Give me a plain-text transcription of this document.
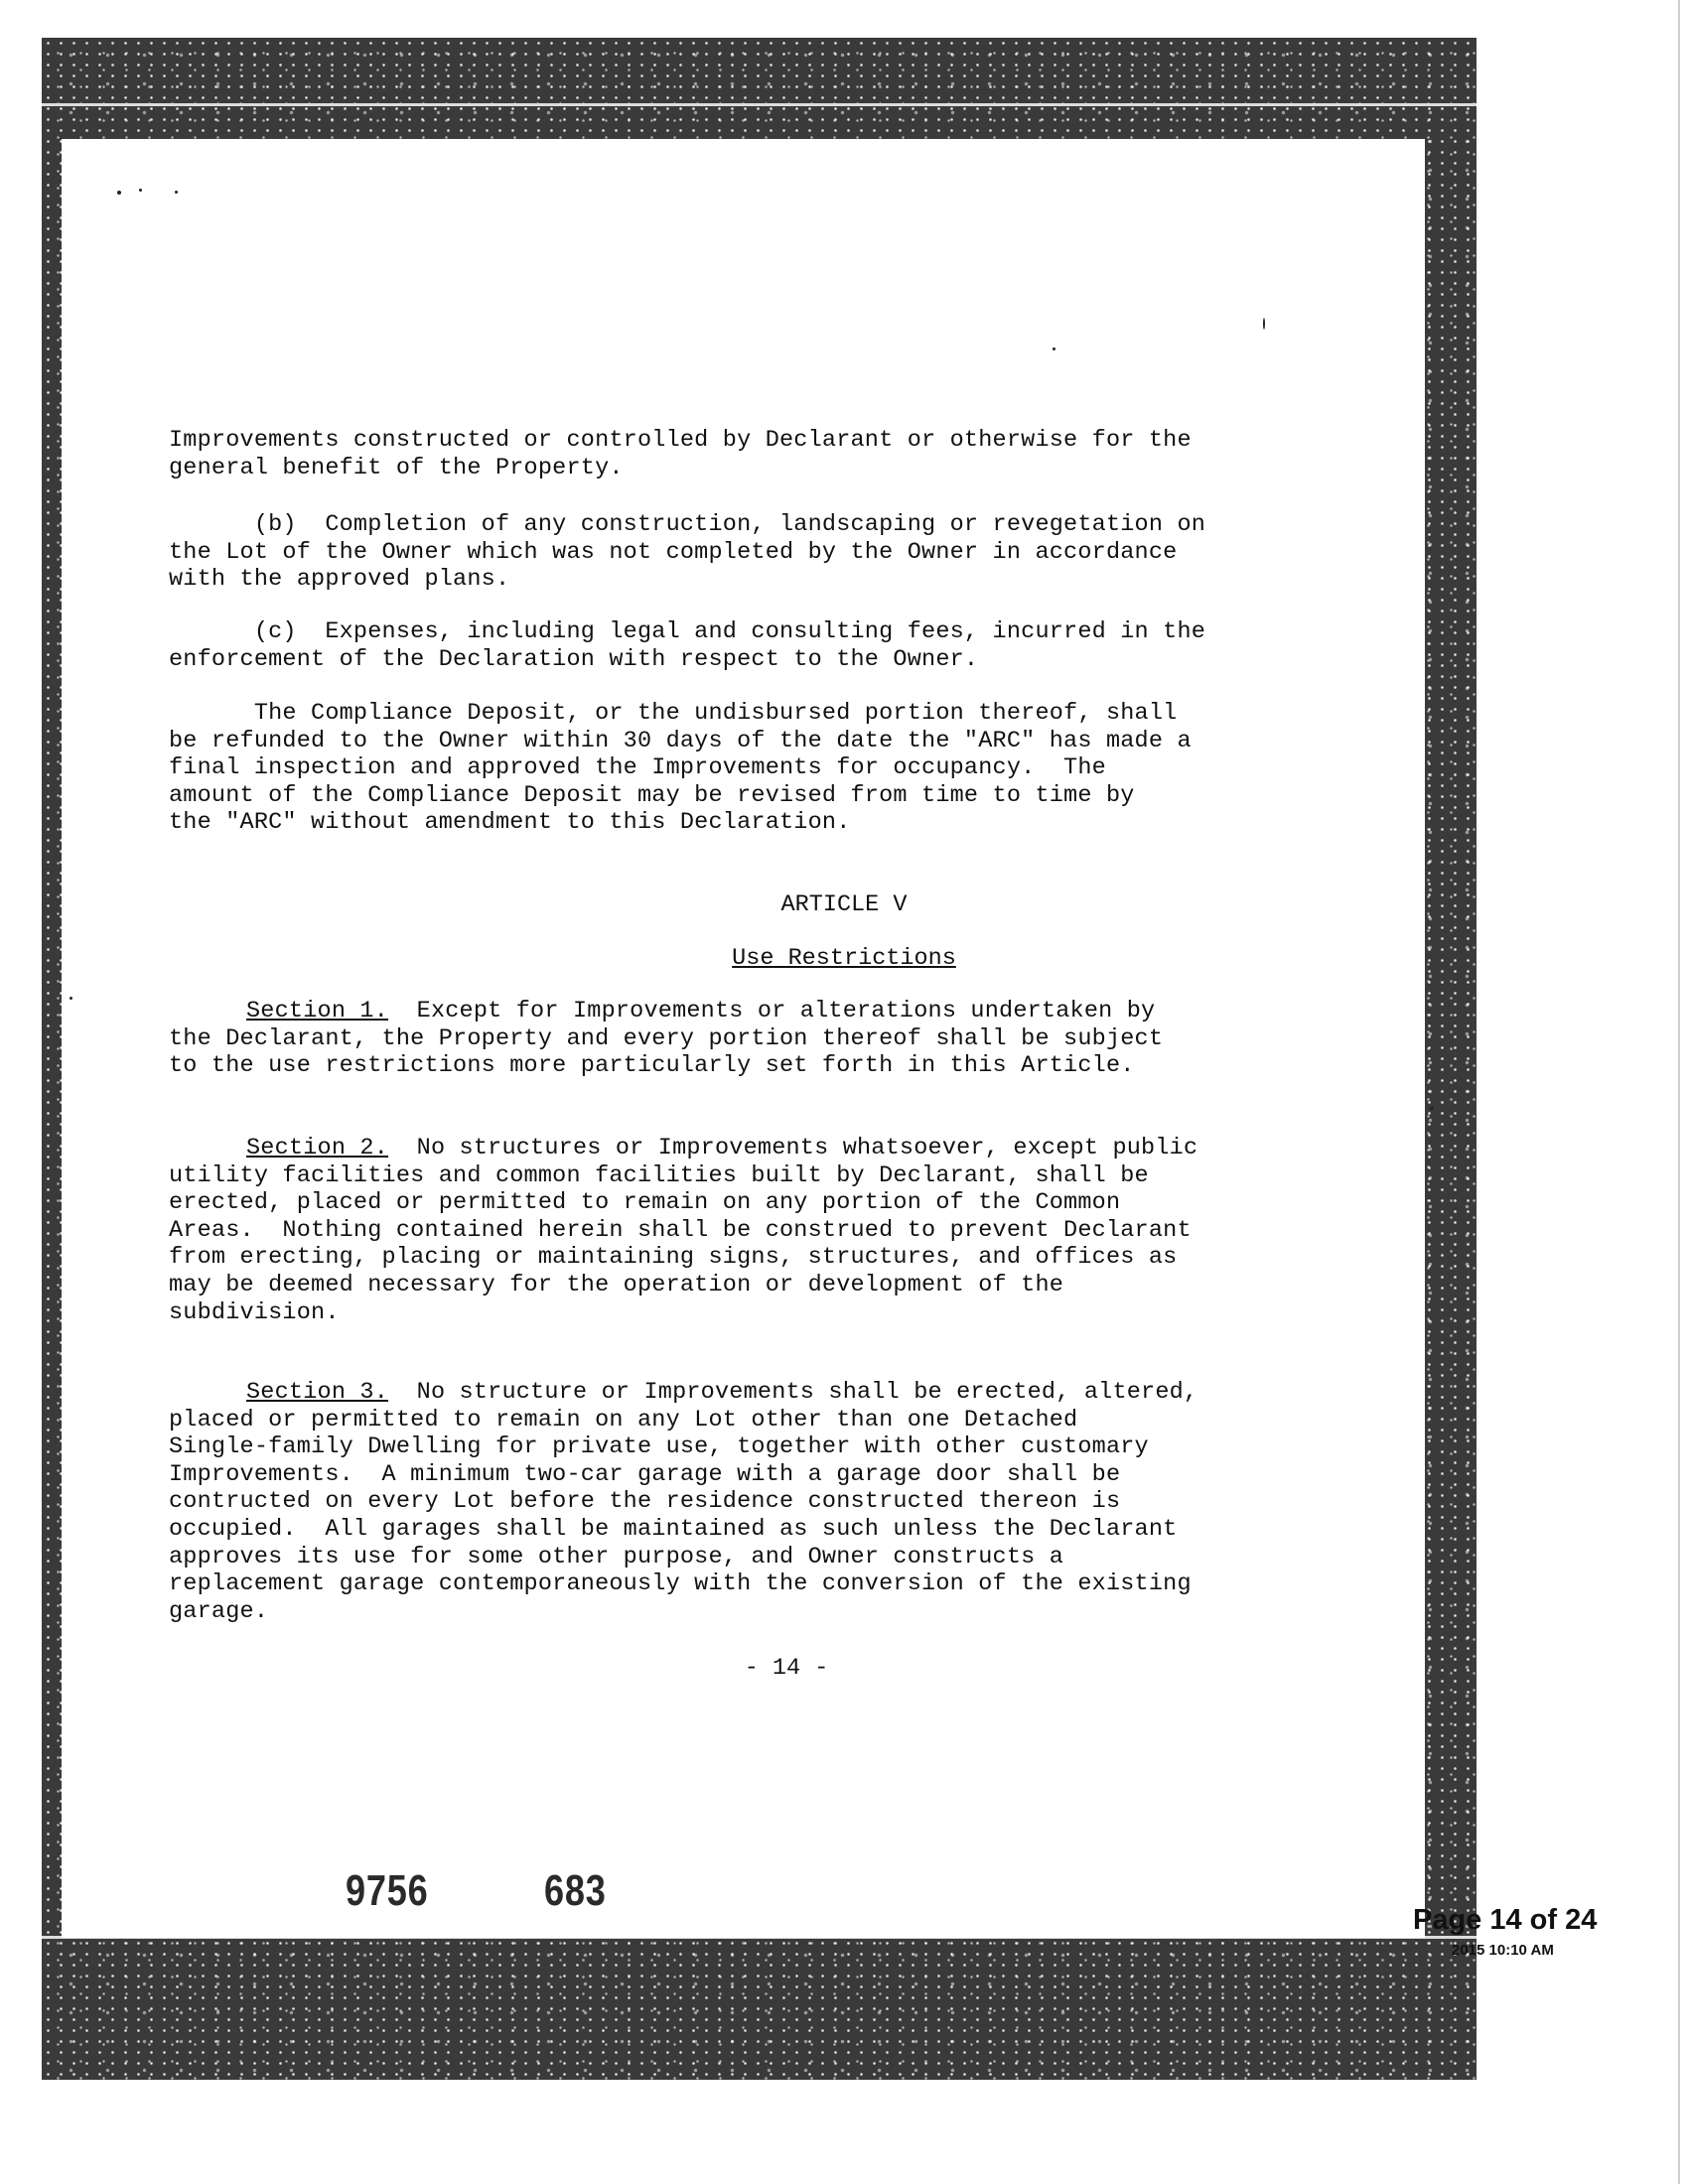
Improvements constructed or controlled by Declarant or otherwise for the
general benefit of the Property.

(b)  Completion of any construction, landscaping or revegetation on
the Lot of the Owner which was not completed by the Owner in accordance
with the approved plans.

(c)  Expenses, including legal and consulting fees, incurred in the
enforcement of the Declaration with respect to the Owner.

The Compliance Deposit, or the undisbursed portion thereof, shall
be refunded to the Owner within 30 days of the date the "ARC" has made a
final inspection and approved the Improvements for occupancy.  The
amount of the Compliance Deposit may be revised from time to time by
the "ARC" without amendment to this Declaration.

ARTICLE V

Use Restrictions

Section 1.  Except for Improvements or alterations undertaken by
the Declarant, the Property and every portion thereof shall be subject
to the use restrictions more particularly set forth in this Article.

Section 2.  No structures or Improvements whatsoever, except public
utility facilities and common facilities built by Declarant, shall be
erected, placed or permitted to remain on any portion of the Common
Areas.  Nothing contained herein shall be construed to prevent Declarant
from erecting, placing or maintaining signs, structures, and offices as
may be deemed necessary for the operation or development of the
subdivision.

Section 3.  No structure or Improvements shall be erected, altered,
placed or permitted to remain on any Lot other than one Detached
Single-family Dwelling for private use, together with other customary
Improvements.  A minimum two-car garage with a garage door shall be
contructed on every Lot before the residence constructed thereon is
occupied.  All garages shall be maintained as such unless the Declarant
approves its use for some other purpose, and Owner constructs a
replacement garage contemporaneously with the conversion of the existing
garage.

- 14 -

9756	683
Page 14 of 24
2015 10:10 AM
